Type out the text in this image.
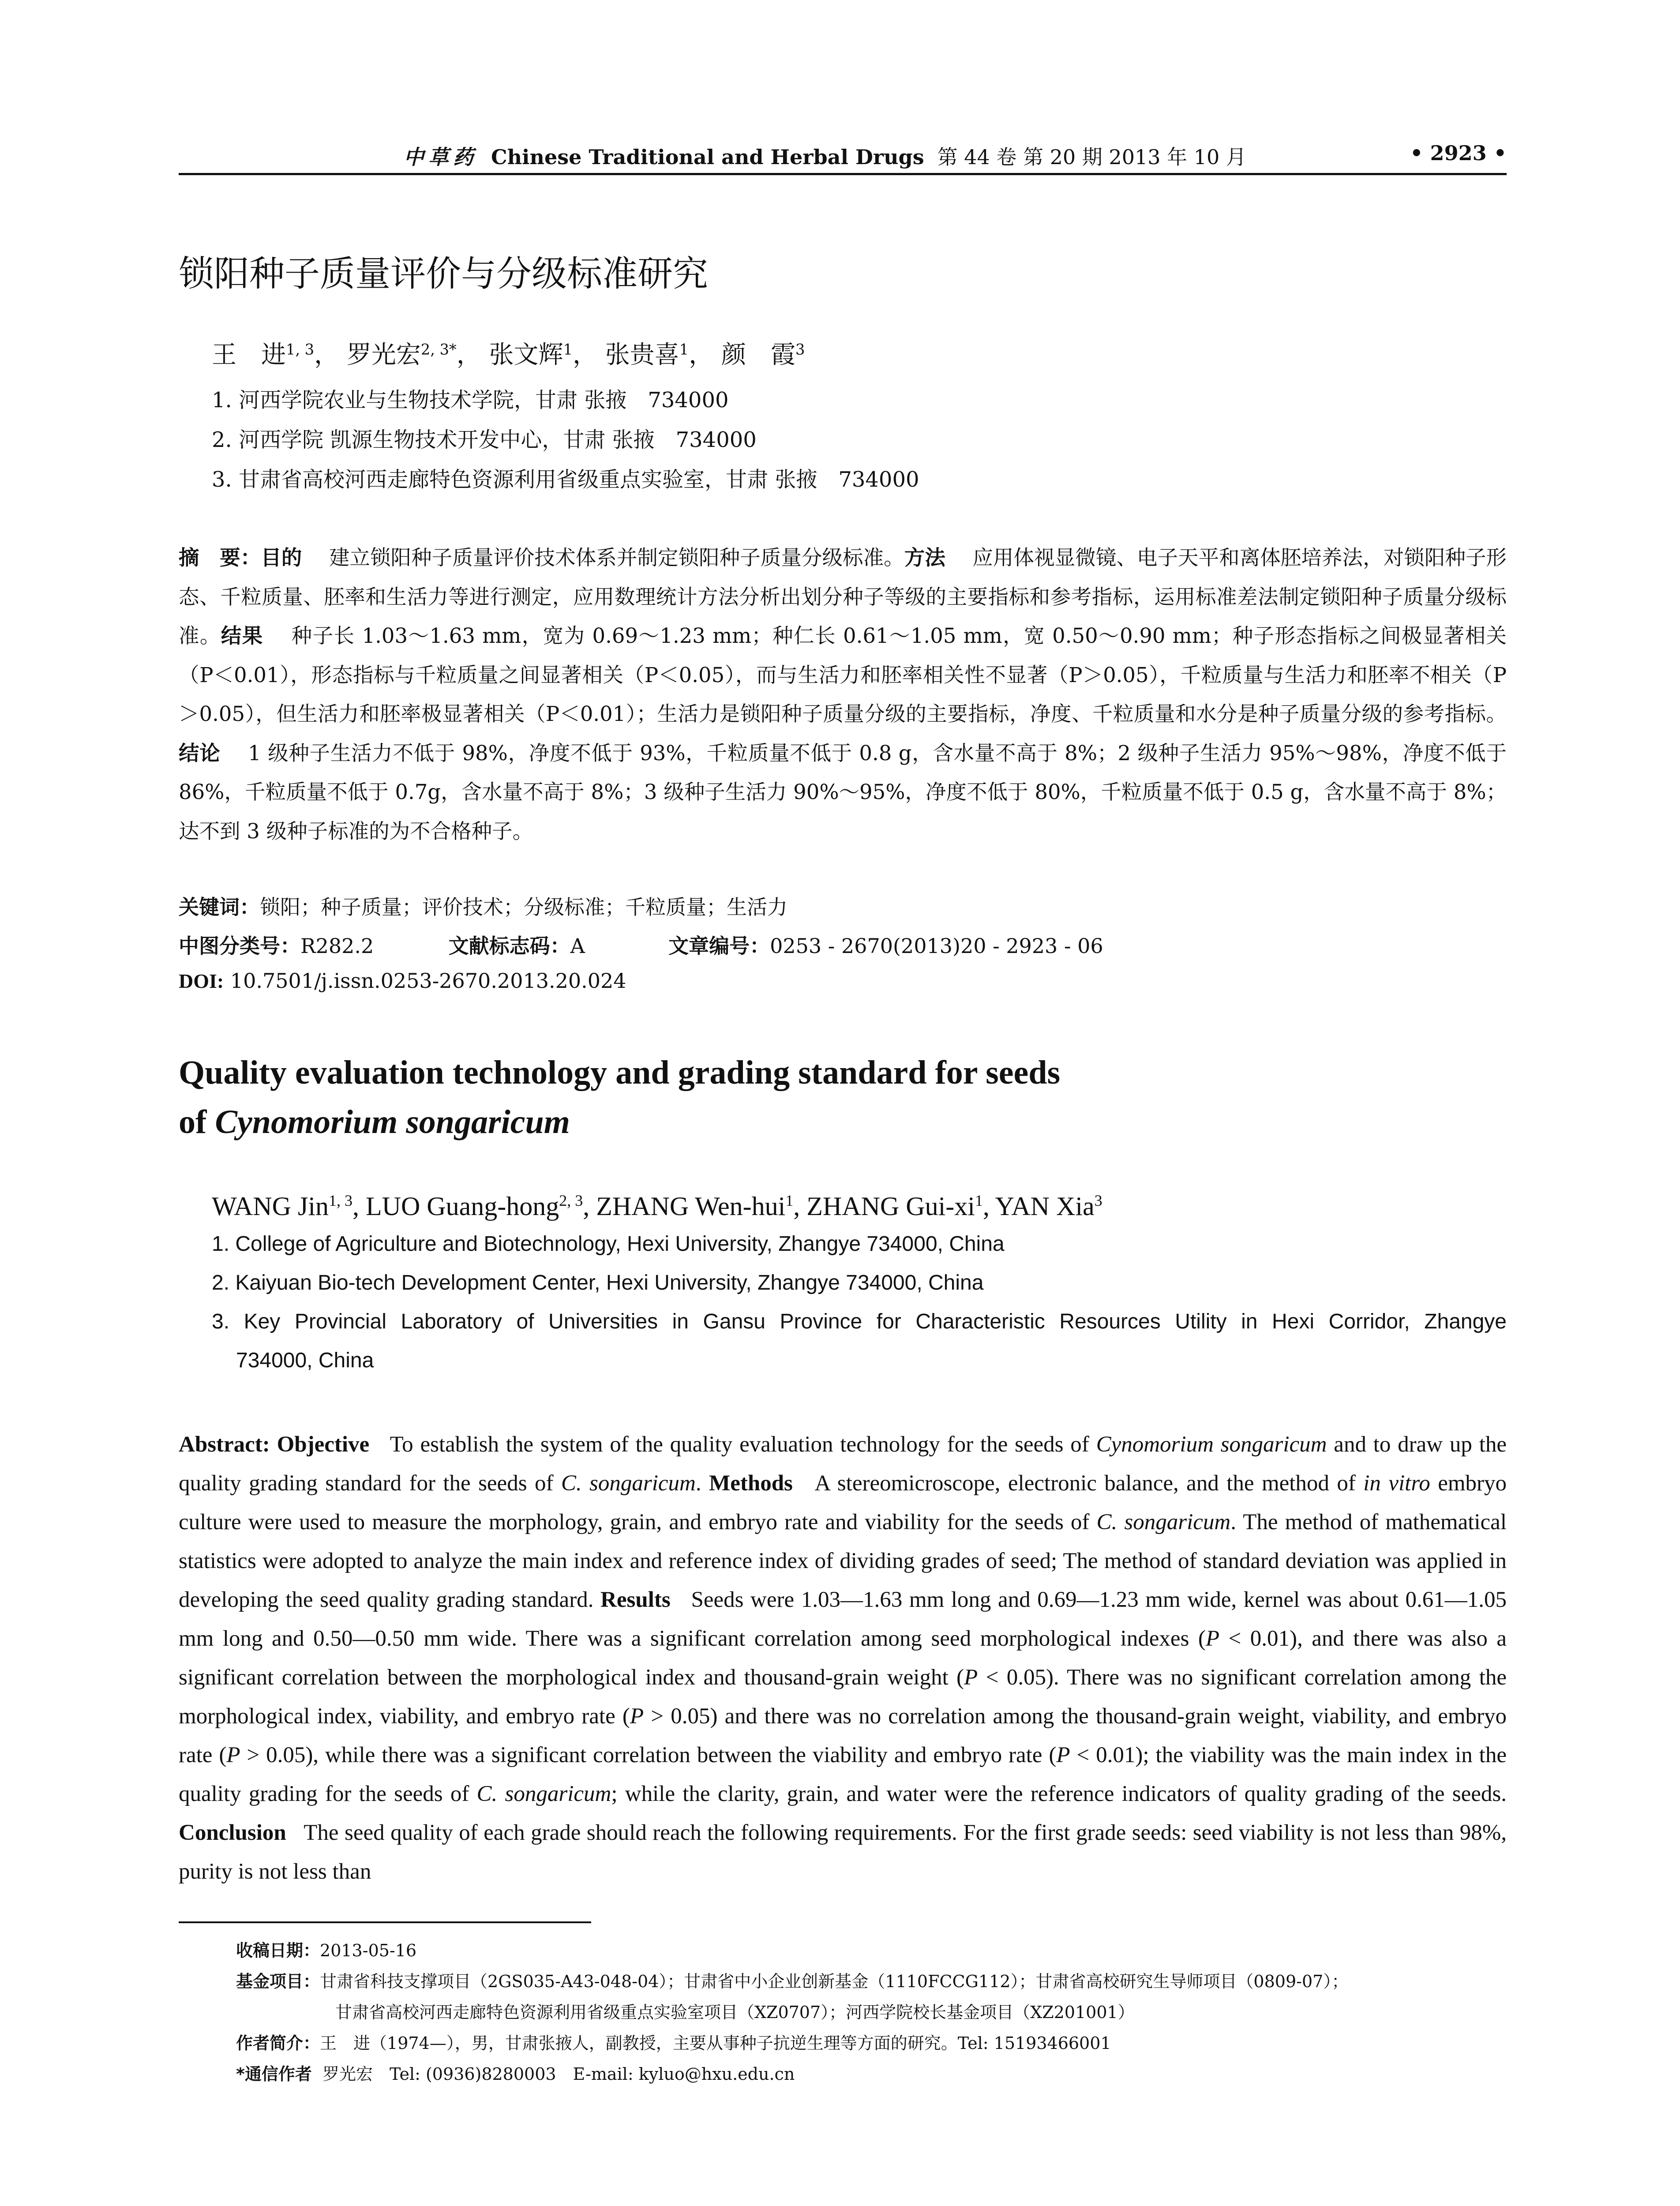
中草药 Chinese Traditional and Herbal Drugs 第 44 卷 第 20 期 2013 年 10 月	• 2923 •
锁阳种子质量评价与分级标准研究
王　进$^{1, 3}$， 罗光宏$^{2, 3*}$， 张文辉$^1$， 张贵喜$^1$， 颜　霞$^3$
1. 河西学院农业与生物技术学院，甘肃 张掖　734000
2. 河西学院 凯源生物技术开发中心，甘肃 张掖　734000
3. 甘肃省高校河西走廊特色资源利用省级重点实验室，甘肃 张掖　734000
摘　要：目的　 建立锁阳种子质量评价技术体系并制定锁阳种子质量分级标准。方法　 应用体视显微镜、电子天平和离体胚培养法，对锁阳种子形态、千粒质量、胚率和生活力等进行测定，应用数理统计方法分析出划分种子等级的主要指标和参考指标，运用标准差法制定锁阳种子质量分级标准。结果　 种子长 1.03～1.63 mm，宽为 0.69～1.23 mm；种仁长 0.61～1.05 mm，宽 0.50～0.90 mm；种子形态指标之间极显著相关（P＜0.01），形态指标与千粒质量之间显著相关（P＜0.05），而与生活力和胚率相关性不显著（P＞0.05），千粒质量与生活力和胚率不相关（P＞0.05），但生活力和胚率极显著相关（P＜0.01）；生活力是锁阳种子质量分级的主要指标，净度、千粒质量和水分是种子质量分级的参考指标。结论　 1 级种子生活力不低于 98%，净度不低于 93%，千粒质量不低于 0.8 g，含水量不高于 8%；2 级种子生活力 95%～98%，净度不低于 86%，千粒质量不低于 0.7g，含水量不高于 8%；3 级种子生活力 90%～95%，净度不低于 80%，千粒质量不低于 0.5 g，含水量不高于 8%；达不到 3 级种子标准的为不合格种子。
关键词：锁阳；种子质量；评价技术；分级标准；千粒质量；生活力
中图分类号：R282.2	文献标志码：A	文章编号：0253 - 2670(2013)20 - 2923 - 06
DOI: 10.7501/j.issn.0253-2670.2013.20.024
Quality evaluation technology and grading standard for seeds
of Cynomorium songaricum
WANG Jin$^{1, 3}$, LUO Guang-hong$^{2, 3}$, ZHANG Wen-hui$^1$, ZHANG Gui-$xi^1$, YAN Xia$^3$
1. College of Agriculture and Biotechnology, Hexi University, Zhangye 734000, China
2. Kaiyuan Bio-tech Development Center, Hexi University, Zhangye 734000, China
3. Key Provincial Laboratory of Universities in Gansu Province for Characteristic Resources Utility in Hexi Corridor, Zhangye
734000, China
Abstract: Objective To establish the system of the quality evaluation technology for the seeds of Cynomorium songaricum and to draw up the quality grading standard for the seeds of C. songaricum. Methods A stereomicroscope, electronic balance, and the method of in vitro embryo culture were used to measure the morphology, grain, and embryo rate and viability for the seeds of C. songaricum. The method of mathematical statistics were adopted to analyze the main index and reference index of dividing grades of seed; The method of standard deviation was applied in developing the seed quality grading standard. Results Seeds were 1.03—1.63 mm long and 0.69—1.23 mm wide, kernel was about 0.61—1.05 mm long and 0.50—0.50 mm wide. There was a significant correlation among seed morphological indexes (P < 0.01), and there was also a significant correlation between the morphological index and thousand-grain weight (P < 0.05). There was no significant correlation among the morphological index, viability, and embryo rate (P > 0.05) and there was no correlation among the thousand-grain weight, viability, and embryo rate (P > 0.05), while there was a significant correlation between the viability and embryo rate (P < 0.01); the viability was the main index in the quality grading for the seeds of C. songaricum; while the clarity, grain, and water were the reference indicators of quality grading of the seeds. Conclusion The seed quality of each grade should reach the following requirements. For the first grade seeds: seed viability is not less than 98%, purity is not less than
收稿日期：2013-05-16
基金项目：甘肃省科技支撑项目（2GS035-A43-048-04）；甘肃省中小企业创新基金（1110FCCG112）；甘肃省高校研究生导师项目（0809-07）；
甘肃省高校河西走廊特色资源利用省级重点实验室项目（XZ0707）；河西学院校长基金项目（XZ201001）
作者简介：王　进（1974—），男，甘肃张掖人，副教授，主要从事种子抗逆生理等方面的研究。Tel: 15193466001
*通信作者 罗光宏　Tel: (0936)8280003　E-mail: kyluo@hxu.edu.cn
